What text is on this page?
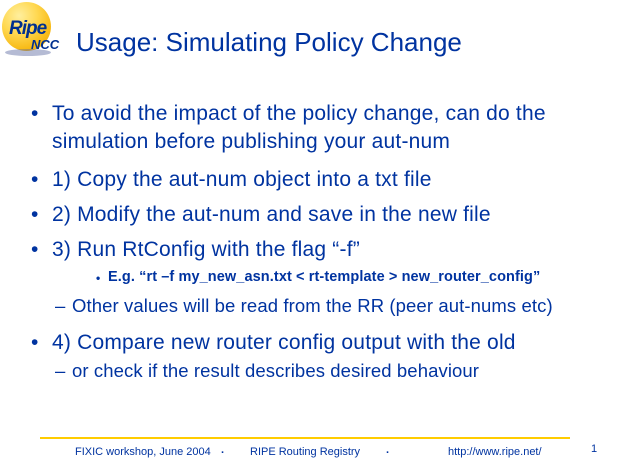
Ripe
NCC Usage: Simulating Policy Change
• To avoid the impact of the policy change, can do the simulation before publishing your aut-num
• 1) Copy the aut-num object into a txt file
• 2) Modify the aut-num and save in the new file
• 3) Run RtConfig with the flag “-f”
• E.g. “rt –f my_new_asn.txt < rt-template > new_router_config”
– Other values will be read from the RR (peer aut-nums etc)
• 4) Compare new router config output with the old
– or check if the result describes desired behaviour
FIXIC workshop, June 2004 . RIPE Routing Registry .	http://www.ripe.net/	1
